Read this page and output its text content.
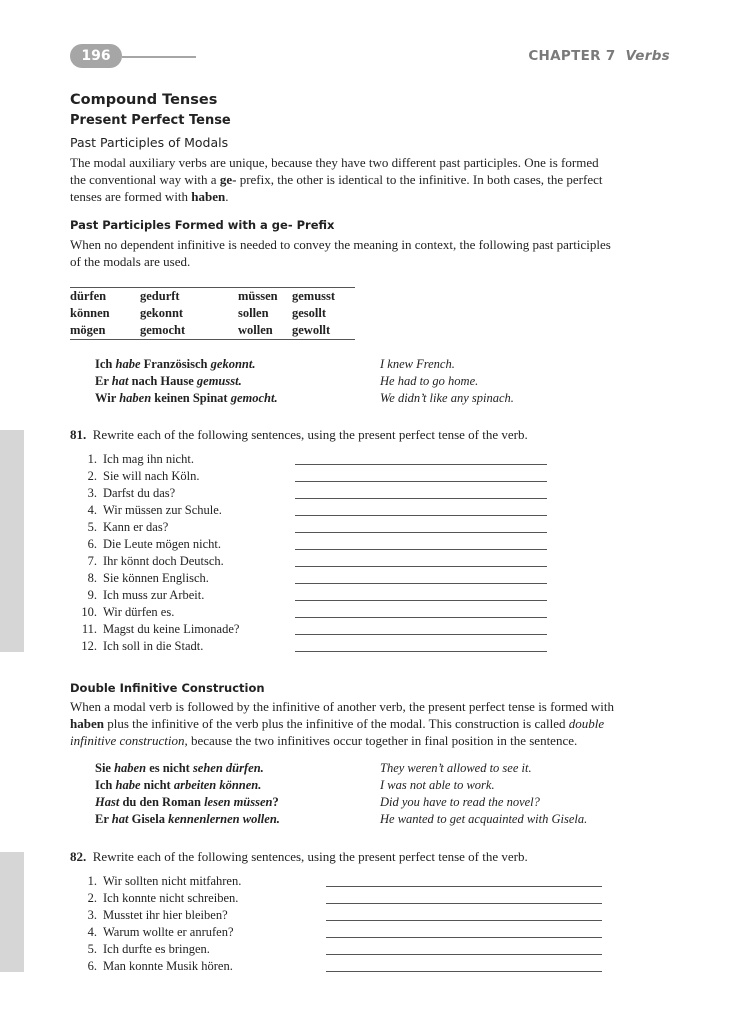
196	CHAPTER 7 Verbs
Compound Tenses
Present Perfect Tense
Past Participles of Modals
The modal auxiliary verbs are unique, because they have two different past participles. One is formed
the conventional way with a ge- prefix, the other is identical to the infinitive. In both cases, the perfect
tenses are formed with haben.
Past Participles Formed with a ge- Prefix
When no dependent infinitive is needed to convey the meaning in context, the following past participles
of the modals are used.
dürfen	gedurft	müssen	gemusst
können	gekonnt	sollen	gesollt
mögen	gemocht	wollen	gewollt
Ich habe Französisch gekonnt.	I knew French.
Er hat nach Hause gemusst.	He had to go home.
Wir haben keinen Spinat gemocht.	We didn’t like any spinach.
81. Rewrite each of the following sentences, using the present perfect tense of the verb.
1. Ich mag ihn nicht.
2. Sie will nach Köln.
3. Darfst du das?
4. Wir müssen zur Schule.
5. Kann er das?
6. Die Leute mögen nicht.
7. Ihr könnt doch Deutsch.
8. Sie können Englisch.
9. Ich muss zur Arbeit.
10. Wir dürfen es.
11. Magst du keine Limonade?
12. Ich soll in die Stadt.
Double Infinitive Construction
When a modal verb is followed by the infinitive of another verb, the present perfect tense is formed with
haben plus the infinitive of the verb plus the infinitive of the modal. This construction is called double
infinitive construction, because the two infinitives occur together in final position in the sentence.
Sie haben es nicht sehen dürfen.	They weren’t allowed to see it.
Ich habe nicht arbeiten können.	I was not able to work.
Hast du den Roman lesen müssen?	Did you have to read the novel?
Er hat Gisela kennenlernen wollen.	He wanted to get acquainted with Gisela.
82. Rewrite each of the following sentences, using the present perfect tense of the verb.
1. Wir sollten nicht mitfahren.
2. Ich konnte nicht schreiben.
3. Musstet ihr hier bleiben?
4. Warum wollte er anrufen?
5. Ich durfte es bringen.
6. Man konnte Musik hören.
